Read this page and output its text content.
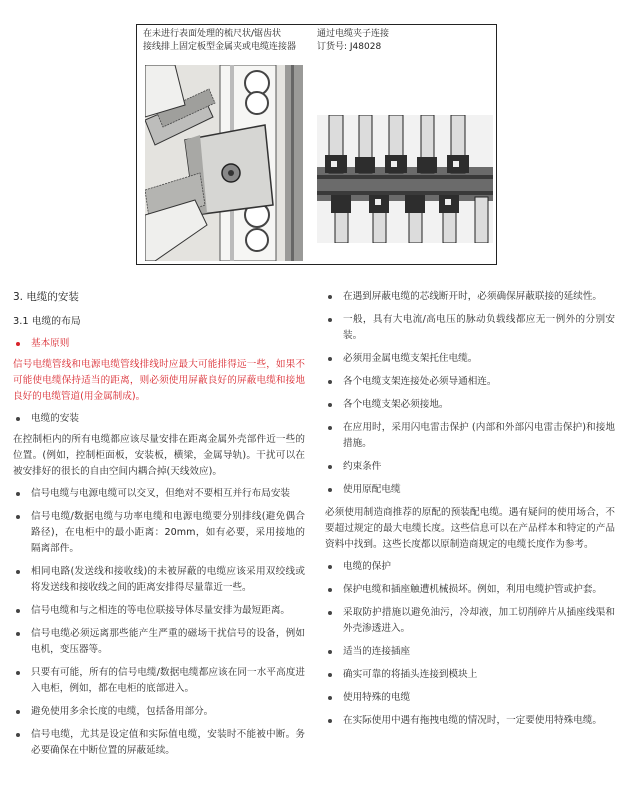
在未进行表面处理的梳尺状/锯齿状
接线排上固定板型金属夹或电缆连接器
通过电缆夹子连接
订货号: J48028
3. 电缆的安装
3.1 电缆的布局
基本原则

信号电缆管线和电源电缆管线排线时应最大可能排得远一些，如果不可能使电缆保持适当的距离，则必须使用屏蔽良好的屏蔽电缆和接地良好的电缆管道(用金属制成)。

电缆的安装

在控制柜内的所有电缆都应该尽量安排在距离金属外壳部件近一些的位置。(例如，控制柜面板，安装板，横梁，金属导轨)。干扰可以在被安排好的很长的自由空间内耦合掉(天线效应)。

信号电缆与电源电缆可以交叉，但绝对不要相互并行布局安装
信号电缆/数据电缆与功率电缆和电源电缆要分别排线(避免偶合路径)，在电柜中的最小距离：20mm，如有必要，采用接地的隔离部件。
相同电路(发送线和接收线)的未被屏蔽的电缆应该采用双绞线或将发送线和接收线之间的距离安排得尽量靠近一些。
信号电缆和与之相连的等电位联接导体尽量安排为最短距离。
信号电缆必须远离那些能产生严重的磁场干扰信号的设备，例如电机，变压器等。
只要有可能，所有的信号电缆/数据电缆都应该在同一水平高度进入电柜，例如，都在电柜的底部进入。
避免使用多余长度的电缆，包括备用部分。
信号电缆，尤其是设定值和实际值电缆，安装时不能被中断。务必要确保在中断位置的屏蔽延续。
在遇到屏蔽电缆的芯线断开时，必须确保屏蔽联接的延续性。
一般，具有大电流/高电压的脉动负载线都应无一例外的分别安装。
必须用金属电缆支架托住电缆。
各个电缆支架连接处必须导通相连。
各个电缆支架必须接地。
在应用时，采用闪电雷击保护 (内部和外部闪电雷击保护)和接地措施。
约束条件
使用原配电缆

必须使用制造商推荐的原配的预装配电缆。遇有疑问的使用场合，不要超过规定的最大电缆长度。这些信息可以在产品样本和特定的产品资料中找到。这些长度都以原制造商规定的电缆长度作为参考。

电缆的保护
保护电缆和插座触遭机械损坏。例如，利用电缆护管或护套。
采取防护措施以避免油污，冷却液，加工切削碎片从插座线渠和外壳渗透进入。
适当的连接插座
确实可靠的将插头连接到模块上
使用特殊的电缆
在实际使用中遇有拖拽电缆的情况时，一定要使用特殊电缆。
